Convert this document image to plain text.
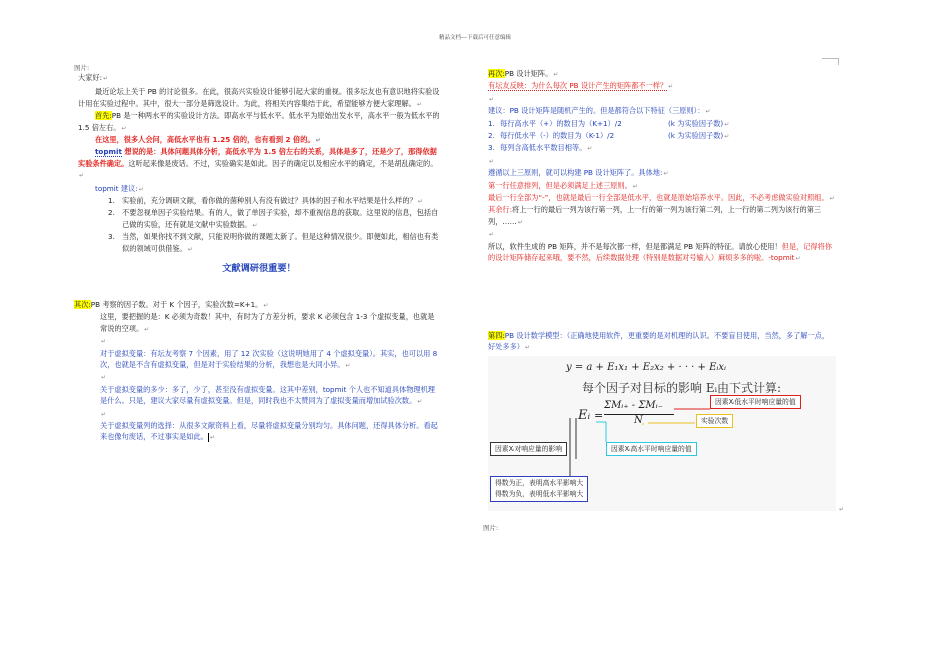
精品文档---下载后可任意编辑
图片:

大家好:↵

最近论坛上关于 PB 的讨论很多。在此，很高兴实验设计能够引起大家的重视。很多坛友也有意识地将实验设计用在实验过程中。其中，很大一部分是筛选设计。为此，将相关内容集结于此，希望能够方便大家理解。↵

首先:PB 是一种两水平的实验设计方法。即高水平与低水平。低水平为原始出发水平，高水平一般为低水平的 1.5 倍左右。↵

在这里，很多人会问，高低水平也有 1.25 倍的，也有看到 2 倍的。↵

topmit 想说的是：具体问题具体分析，高低水平为 1.5 倍左右的关系，具体是多了，还是少了，那得依据实验条件确定。这听起来像是废话。不过，实验确实是如此。因子的确定以及相应水平的确定，不是胡乱确定的。↵

topmit 建议:↵

1. 实验前，充分调研文献，看你做的菌种别人有没有做过？具体的因子和水平结果是什么样的？↵
2. 不要忽视单因子实验结果。有的人，做了单因子实验，却不重视信息的获取。这里说的信息，包括自己做的实验，还有就是文献中实验数据。↵
3. 当然，如果你找不到文献，只能说明你做的课题太新了。但是这种情况很少。即便如此，相信也有类似的领域可供借鉴。↵
文献调研很重要！

其次:PB 考察的因子数。对于 K 个因子，实验次数=K+1。↵

这里，要把握的是：K 必须为奇数！其中，有时为了方差分析，要求 K 必须包含 1-3 个虚拟变量，也就是常说的空项。↵

↵

对于虚拟变量：有坛友考察 7 个因素，用了 12 次实验（这说明她用了 4 个虚拟变量）。其实，也可以用 8 次，也就是不含有虚拟变量，但是对于实验结果的分析，我想也是大同小异。↵

↵

关于虚拟变量的多少：多了，少了，甚至没有虚拟变量。这其中差别，topmit 个人也不知道具体物理机理是什么。只是，建议大家尽量有虚拟变量。但是，同时我也不太赞同为了虚拟变量而增加试验次数。↵

↵

关于虚拟变量列的选择：从很多文献资料上看，尽量将虚拟变量分别均匀。具体问题，还得具体分析。看起来也像句废话，不过事实是如此。 ↵

再次:PB 设计矩阵。↵

有坛友反映：为什么每次 PB 设计产生的矩阵都不一样？↵

↵

建议：PB 设计矩阵是随机产生的。但是都符合以下特征（三原则）：↵

1. 每行高水平（+）的数目为（K+1）/2	(k 为实验因子数)↵

2. 每行低水平（-）的数目为（K-1）/2	(k 为实验因子数)↵

3. 每列含高低水平数目相等。↵

↵

遵循以上三原则，就可以构建 PB 设计矩阵了。具体地:↵

第一行任意排列，但是必须满足上述三原则。↵

最后一行全部为“-”，也就是最后一行全部是低水平，也就是原始培养水平。因此，不必考虑做实验对照组。↵

其余行:将上一行的最后一列为该行第一列，上一行的第一列为该行第二列，上一行的第二列为该行的第三列，……↵

↵

所以，软件生成的 PB 矩阵，并不是每次都一样，但是都满足 PB 矩阵的特征。请放心使用！但是，记得将你的设计矩阵储存起来哦，要不然，后续数据处理（特别是数据对号输入）麻烦多多的啦。-topmit↵

第四:PB 设计数学模型：（正确地使用软件，更重要的是对机理的认识。不要盲目使用，当然，多了解一点，好处多多）↵

y = a + E₁x₁ + E₂x₂ + · · · + Eᵢxᵢ
每个因子对目标的影响 Eᵢ由下式计算:
Eᵢ =
ΣMᵢ₊ - ΣMᵢ₋
N
因素Xᵢ低水平时响应量的值
实验次数
因素Xᵢ对响应量的影响	因素Xᵢ高水平时响应量的值
得数为正，表明高水平影响大
得数为负，表明低水平影响大
↵
图片:
